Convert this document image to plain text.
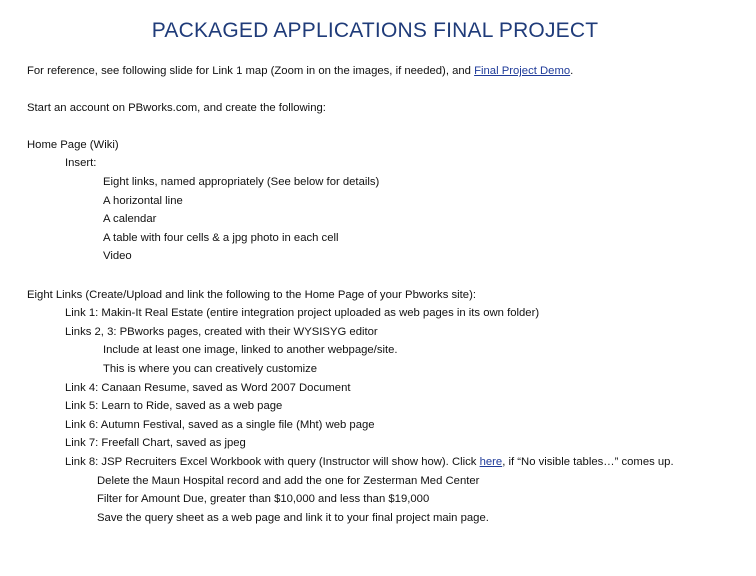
PACKAGED APPLICATIONS FINAL PROJECT
For reference, see following slide for Link 1 map (Zoom in on the images, if needed), and Final Project Demo.
Start an account on PBworks.com, and create the following:
Home Page (Wiki)
Insert:
Eight links, named appropriately (See below for details)
A horizontal line
A calendar
A table with four cells & a jpg photo in each cell
Video
Eight Links (Create/Upload and link the following to the Home Page of your Pbworks site):
Link 1: Makin-It Real Estate (entire integration project uploaded as web pages in its own folder)
Links 2, 3: PBworks pages, created with their WYSISYG editor
Include at least one image, linked to another webpage/site.
This is where you can creatively customize
Link 4: Canaan Resume, saved as Word 2007 Document
Link 5: Learn to Ride, saved as a web page
Link 6: Autumn Festival, saved as a single file (Mht) web page
Link 7: Freefall Chart, saved as jpeg
Link 8: JSP Recruiters Excel Workbook with query (Instructor will show how). Click here, if “No visible tables…” comes up.
Delete the Maun Hospital record and add the one for Zesterman Med Center
Filter for Amount Due, greater than $10,000 and less than $19,000
Save the query sheet as a web page and link it to your final project main page.
